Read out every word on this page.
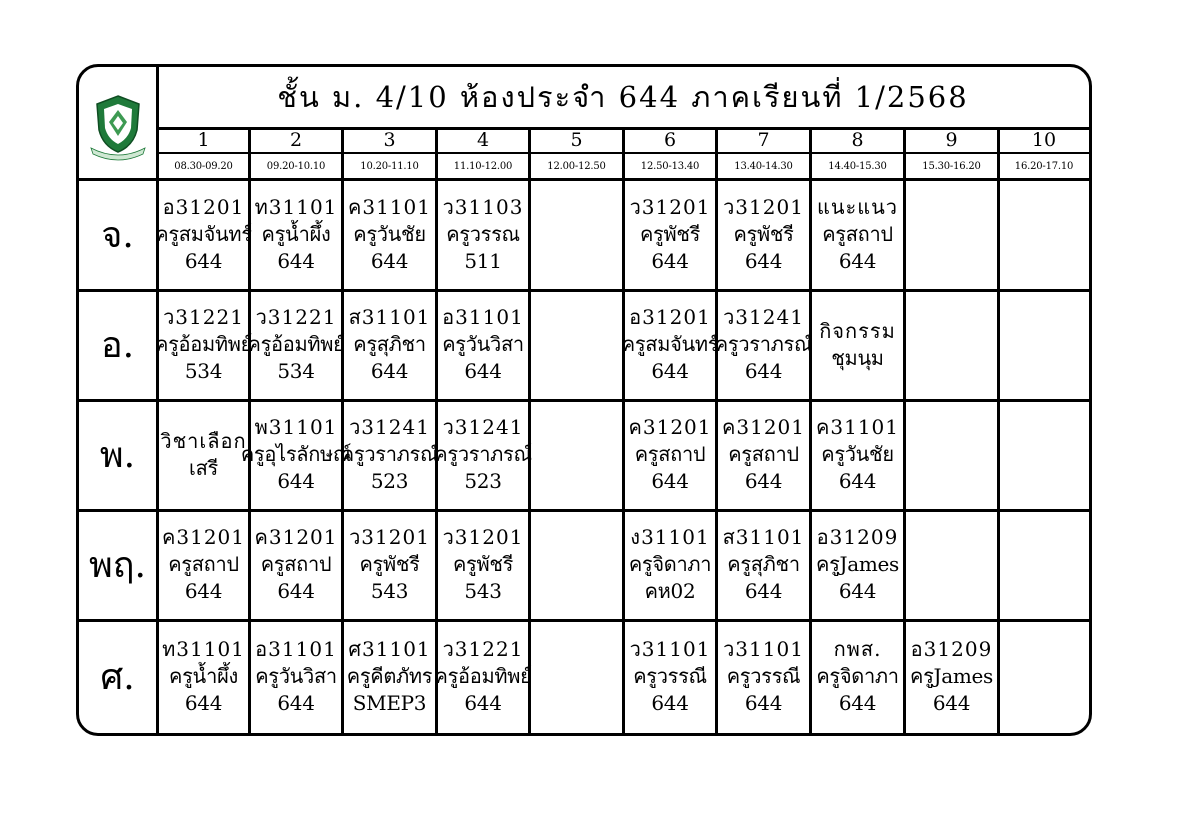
ชั้น ม. 4/10 ห้องประจำ 644 ภาคเรียนที่ 1/2568
1
08.30-09.20
2
09.20-10.10
3
10.20-11.10
4
11.10-12.00
5
12.00-12.50
6
12.50-13.40
7
13.40-14.30
8
14.40-15.30
9
15.30-16.20
10
16.20-17.10
จ.
อ31201
ครูสมจันทร์
644
ท31101
ครูน้ำผึ้ง
644
ค31101
ครูวันชัย
644
ว31103
ครูวรรณ
511
ว31201
ครูพัชรี
644
ว31201
ครูพัชรี
644
แนะแนว
ครูสถาป
644
อ.
ว31221
ครูอ้อมทิพย์
534
ว31221
ครูอ้อมทิพย์
534
ส31101
ครูสุภิชา
644
อ31101
ครูวันวิสา
644
อ31201
ครูสมจันทร์
644
ว31241
ครูวราภรณ์
644
กิจกรรม
ชุมนุม
พ.	วิชาเลือก
เสรี
พ31101
ครูอุไรลักษณ์
644
ว31241
ครูวราภรณ์
523
ว31241
ครูวราภรณ์
523
ค31201
ครูสถาป
644
ค31201
ครูสถาป
644
ค31101
ครูวันชัย
644
พฤ.
ค31201
ครูสถาป
644
ค31201
ครูสถาป
644
ว31201
ครูพัชรี
543
ว31201
ครูพัชรี
543
ง31101
ครูจิดาภา
คห02
ส31101
ครูสุภิชา
644
อ31209
ครูJames
644
ศ.
ท31101
ครูน้ำผึ้ง
644
อ31101
ครูวันวิสา
644
ศ31101
ครูคีตภัทร
SMEP3
ว31221
ครูอ้อมทิพย์
644
ว31101
ครูวรรณี
644
ว31101
ครูวรรณี
644
กพส.
ครูจิดาภา
644
อ31209
ครูJames
644
